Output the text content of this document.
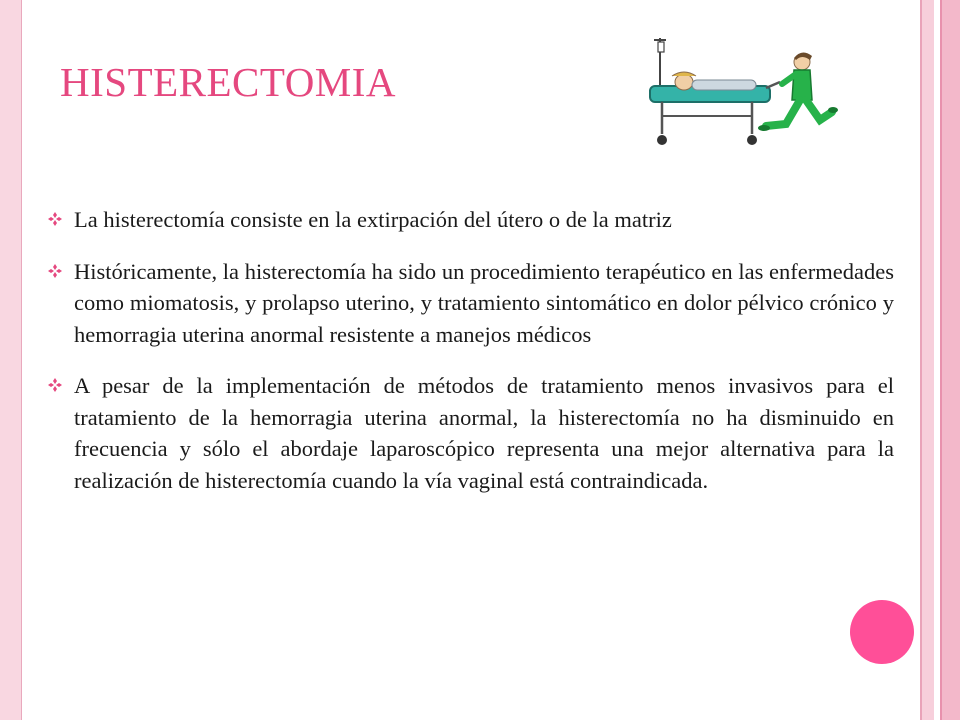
HISTERECTOMIA
La histerectomía consiste en la extirpación del útero o de la matriz
Históricamente, la histerectomía ha sido un procedimiento terapéutico en las enfermedades como miomatosis, y prolapso uterino, y tratamiento sintomático en dolor pélvico crónico y hemorragia uterina anormal resistente a manejos médicos
A pesar de la implementación de métodos de tratamiento menos invasivos para el tratamiento de la hemorragia uterina anormal, la histerectomía no ha disminuido en frecuencia y sólo el abordaje laparoscópico representa una mejor alternativa para la realización de histerectomía cuando la vía vaginal está contraindicada.
